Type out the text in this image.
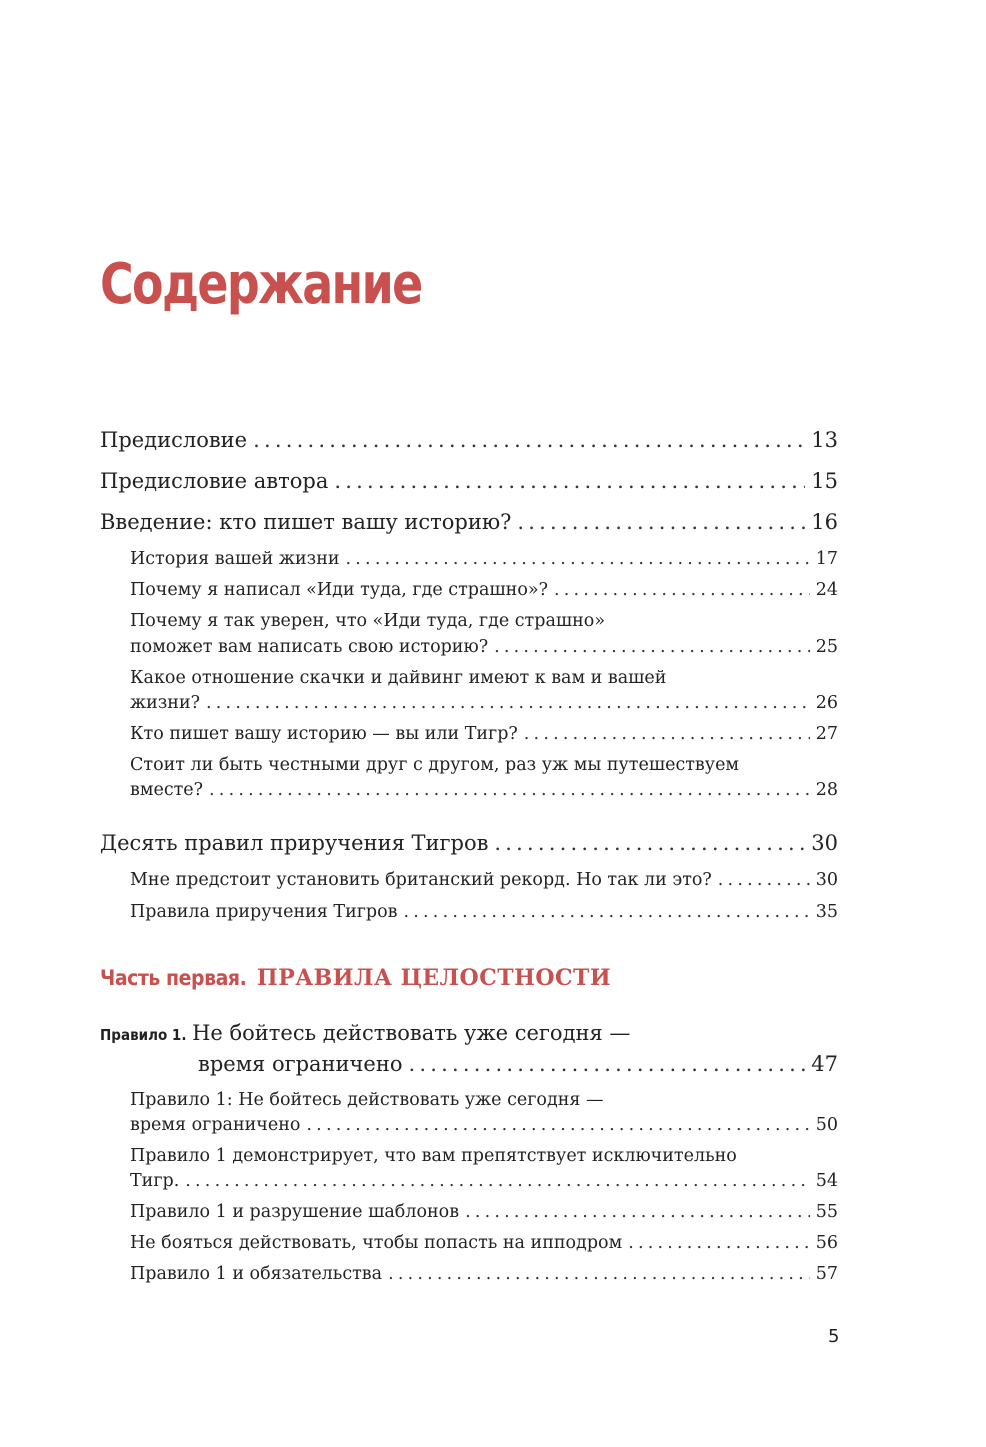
Содержание
Предисловие .....	13
Предисловие автора .....	15
Введение: кто пишет вашу историю? .....	16
История вашей жизни .....	17
Почему я написал «Иди туда, где страшно»? .....	24
Почему я так уверен, что «Иди туда, где страшно»
поможет вам написать свою историю? .....	25
Какое отношение скачки и дайвинг имеют к вам и вашей
жизни? .....	26
Кто пишет вашу историю — вы или Тигр? .....	27
Стоит ли быть честными друг с другом, раз уж мы путешествуем
вместе? .....	28
Десять правил приручения Тигров .....	30
Мне предстоит установить британский рекорд. Но так ли это? .....	30
Правила приручения Тигров .....	35
Правило 1. Не бойтесь действовать уже сегодня —
время ограничено .....	47
Правило 1: Не бойтесь действовать уже сегодня —
время ограничено .....	50
Правило 1 демонстрирует, что вам препятствует исключительно
Тигр. .....	54
Правило 1 и разрушение шаблонов .....	55
Не бояться действовать, чтобы попасть на ипподром .....	56
Правило 1 и обязательства .....	57
Часть первая. ПРАВИЛА ЦЕЛОСТНОСТИ
5
